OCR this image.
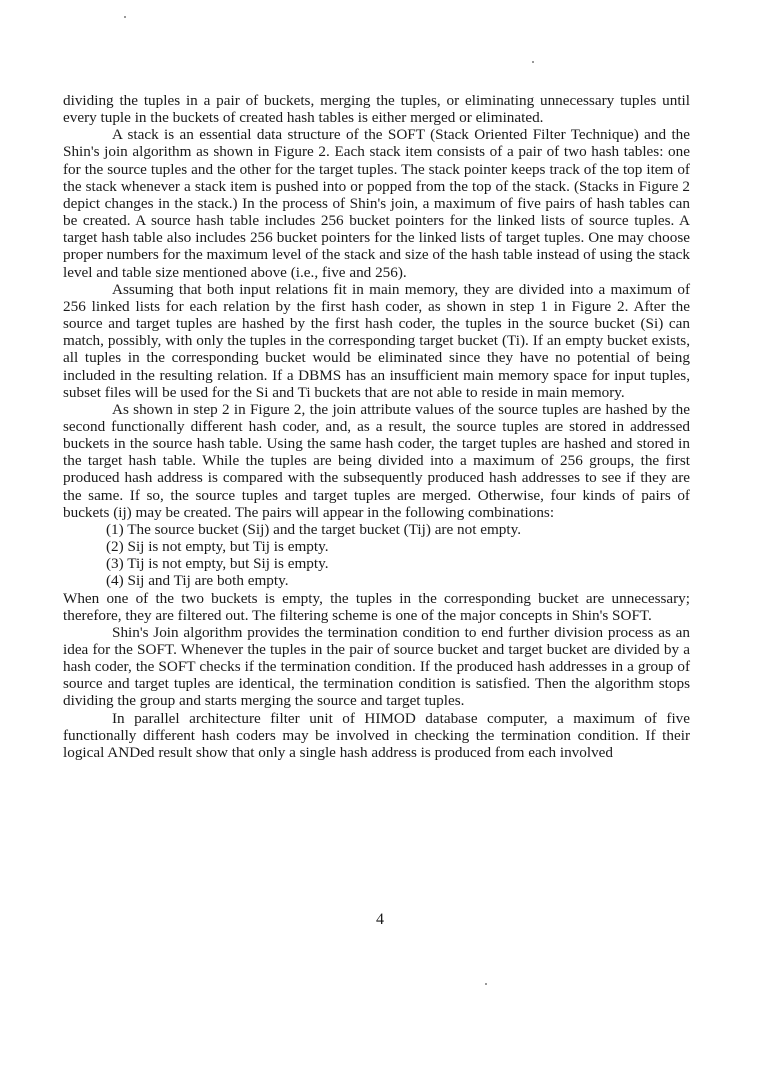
dividing the tuples in a pair of buckets, merging the tuples, or eliminating unnecessary tuples until every tuple in the buckets of created hash tables is either merged or eliminated.

A stack is an essential data structure of the SOFT (Stack Oriented Filter Technique) and the Shin's join algorithm as shown in Figure 2. Each stack item consists of a pair of two hash tables: one for the source tuples and the other for the target tuples. The stack pointer keeps track of the top item of the stack whenever a stack item is pushed into or popped from the top of the stack. (Stacks in Figure 2 depict changes in the stack.) In the process of Shin's join, a maximum of five pairs of hash tables can be created. A source hash table includes 256 bucket pointers for the linked lists of source tuples. A target hash table also includes 256 bucket pointers for the linked lists of target tuples. One may choose proper numbers for the maximum level of the stack and size of the hash table instead of using the stack level and table size mentioned above (i.e., five and 256).

Assuming that both input relations fit in main memory, they are divided into a maximum of 256 linked lists for each relation by the first hash coder, as shown in step 1 in Figure 2. After the source and target tuples are hashed by the first hash coder, the tuples in the source bucket (Si) can match, possibly, with only the tuples in the corresponding target bucket (Ti). If an empty bucket exists, all tuples in the corresponding bucket would be eliminated since they have no potential of being included in the resulting relation. If a DBMS has an insufficient main memory space for input tuples, subset files will be used for the Si and Ti buckets that are not able to reside in main memory.

As shown in step 2 in Figure 2, the join attribute values of the source tuples are hashed by the second functionally different hash coder, and, as a result, the source tuples are stored in addressed buckets in the source hash table. Using the same hash coder, the target tuples are hashed and stored in the target hash table. While the tuples are being divided into a maximum of 256 groups, the first produced hash address is compared with the subsequently produced hash addresses to see if they are the same. If so, the source tuples and target tuples are merged. Otherwise, four kinds of pairs of buckets (ij) may be created. The pairs will appear in the following combinations:

(1) The source bucket (Sij) and the target bucket (Tij) are not empty.
(2) Sij is not empty, but Tij is empty.
(3) Tij is not empty, but Sij is empty.
(4) Sij and Tij are both empty.

When one of the two buckets is empty, the tuples in the corresponding bucket are unnecessary; therefore, they are filtered out. The filtering scheme is one of the major concepts in Shin's SOFT.

Shin's Join algorithm provides the termination condition to end further division process as an idea for the SOFT. Whenever the tuples in the pair of source bucket and target bucket are divided by a hash coder, the SOFT checks if the termination condition. If the produced hash addresses in a group of source and target tuples are identical, the termination condition is satisfied. Then the algorithm stops dividing the group and starts merging the source and target tuples.

In parallel architecture filter unit of HIMOD database computer, a maximum of five functionally different hash coders may be involved in checking the termination condition. If their logical ANDed result show that only a single hash address is produced from each involved

4
